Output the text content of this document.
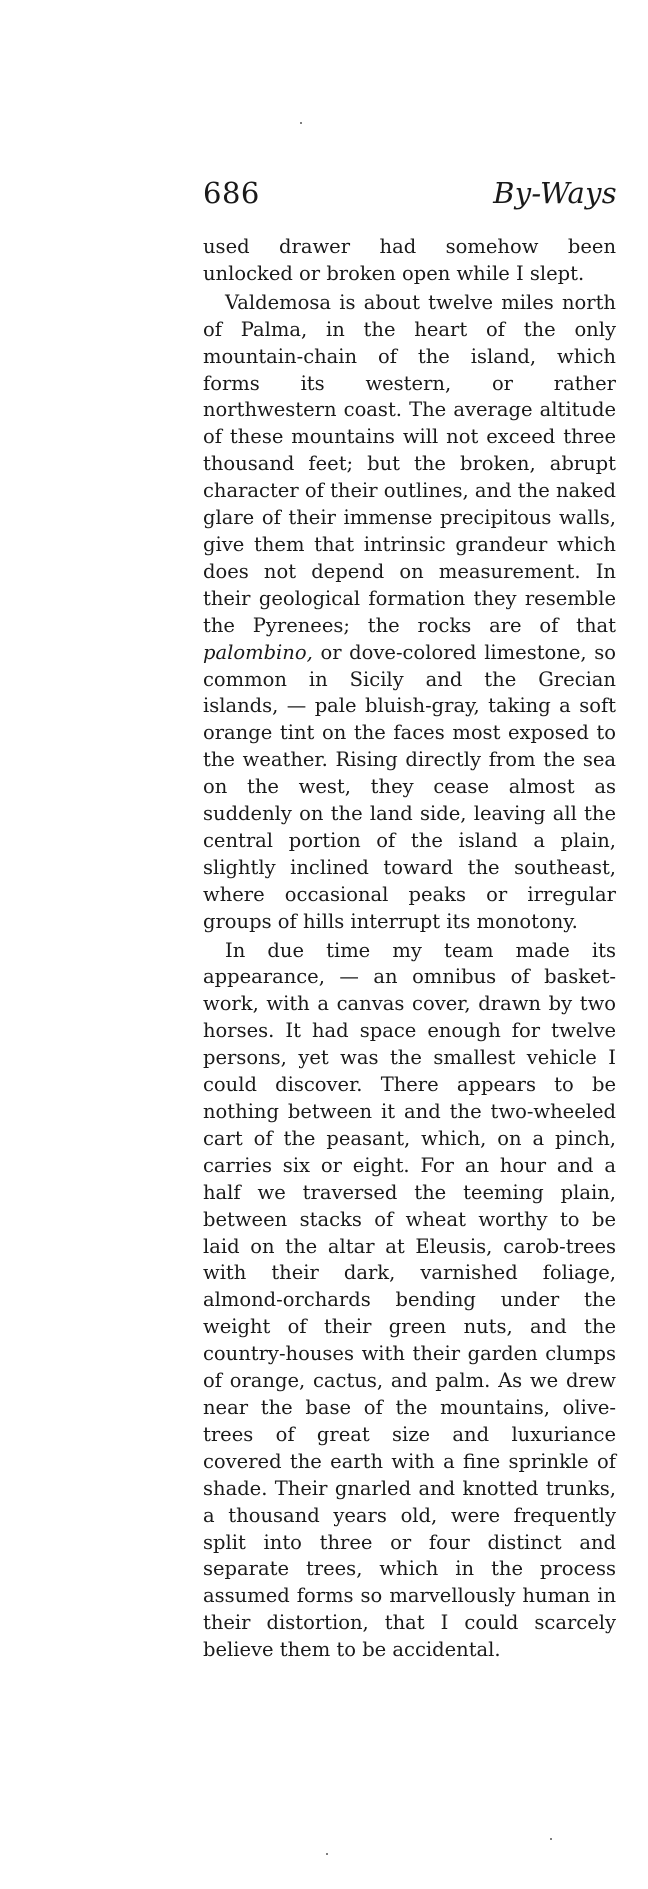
686	By-Ways

used drawer had somehow been unlocked or broken open while I slept.

Valdemosa is about twelve miles north of Palma, in the heart of the only mountain-chain of the island, which forms its western, or rather northwestern coast. The average altitude of these mountains will not exceed three thousand feet; but the broken, abrupt character of their outlines, and the naked glare of their immense precipitous walls, give them that intrinsic grandeur which does not depend on measurement. In their geological formation they resemble the Pyrenees; the rocks are of that palombino, or dove-colored limestone, so common in Sicily and the Grecian islands, — pale bluish-gray, taking a soft orange tint on the faces most exposed to the weather. Rising directly from the sea on the west, they cease almost as suddenly on the land side, leaving all the central portion of the island a plain, slightly inclined toward the southeast, where occasional peaks or irregular groups of hills interrupt its monotony.

In due time my team made its appearance, — an omnibus of basket-work, with a canvas cover, drawn by two horses. It had space enough for twelve persons, yet was the smallest vehicle I could discover. There appears to be nothing between it and the two-wheeled cart of the peasant, which, on a pinch, carries six or eight. For an hour and a half we traversed the teeming plain, between stacks of wheat worthy to be laid on the altar at Eleusis, carob-trees with their dark, varnished foliage, almond-orchards bending under the weight of their green nuts, and the country-houses with their garden clumps of orange, cactus, and palm. As we drew near the base of the mountains, olive-trees of great size and luxuriance covered the earth with a fine sprinkle of shade. Their gnarled and knotted trunks, a thousand years old, were frequently split into three or four distinct and separate trees, which in the process assumed forms so marvellously human in their distortion, that I could scarcely believe them to be accidental.
